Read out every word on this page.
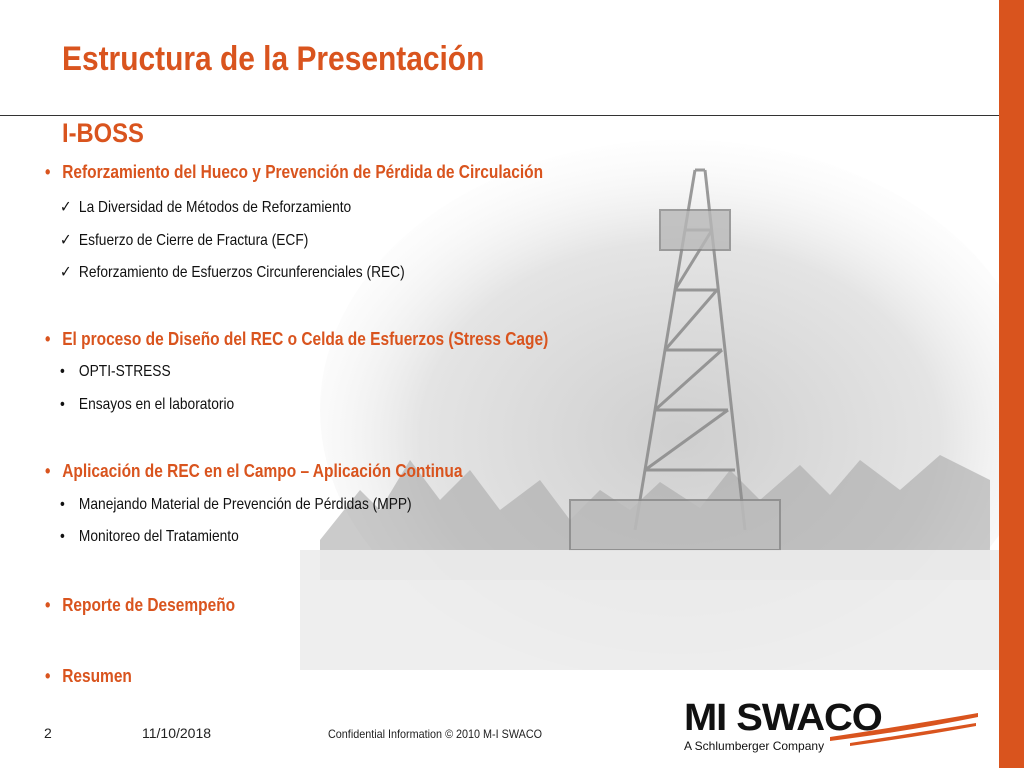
Estructura de la Presentación
I-BOSS
• Reforzamiento del Hueco y Prevención de Pérdida de Circulación
✓ La Diversidad de Métodos de Reforzamiento
✓ Esfuerzo de Cierre de Fractura (ECF)
✓ Reforzamiento de Esfuerzos Circunferenciales (REC)
• El proceso de Diseño del REC o Celda de Esfuerzos (Stress Cage)
• OPTI-STRESS
• Ensayos en el laboratorio
• Aplicación de REC en el Campo – Aplicación Continua
• Manejando Material de Prevención de Pérdidas (MPP)
• Monitoreo del Tratamiento
• Reporte de Desempeño
• Resumen
2	11/10/2018	Confidential Information © 2010 M-I SWACO	MI SWACO
A Schlumberger Company
